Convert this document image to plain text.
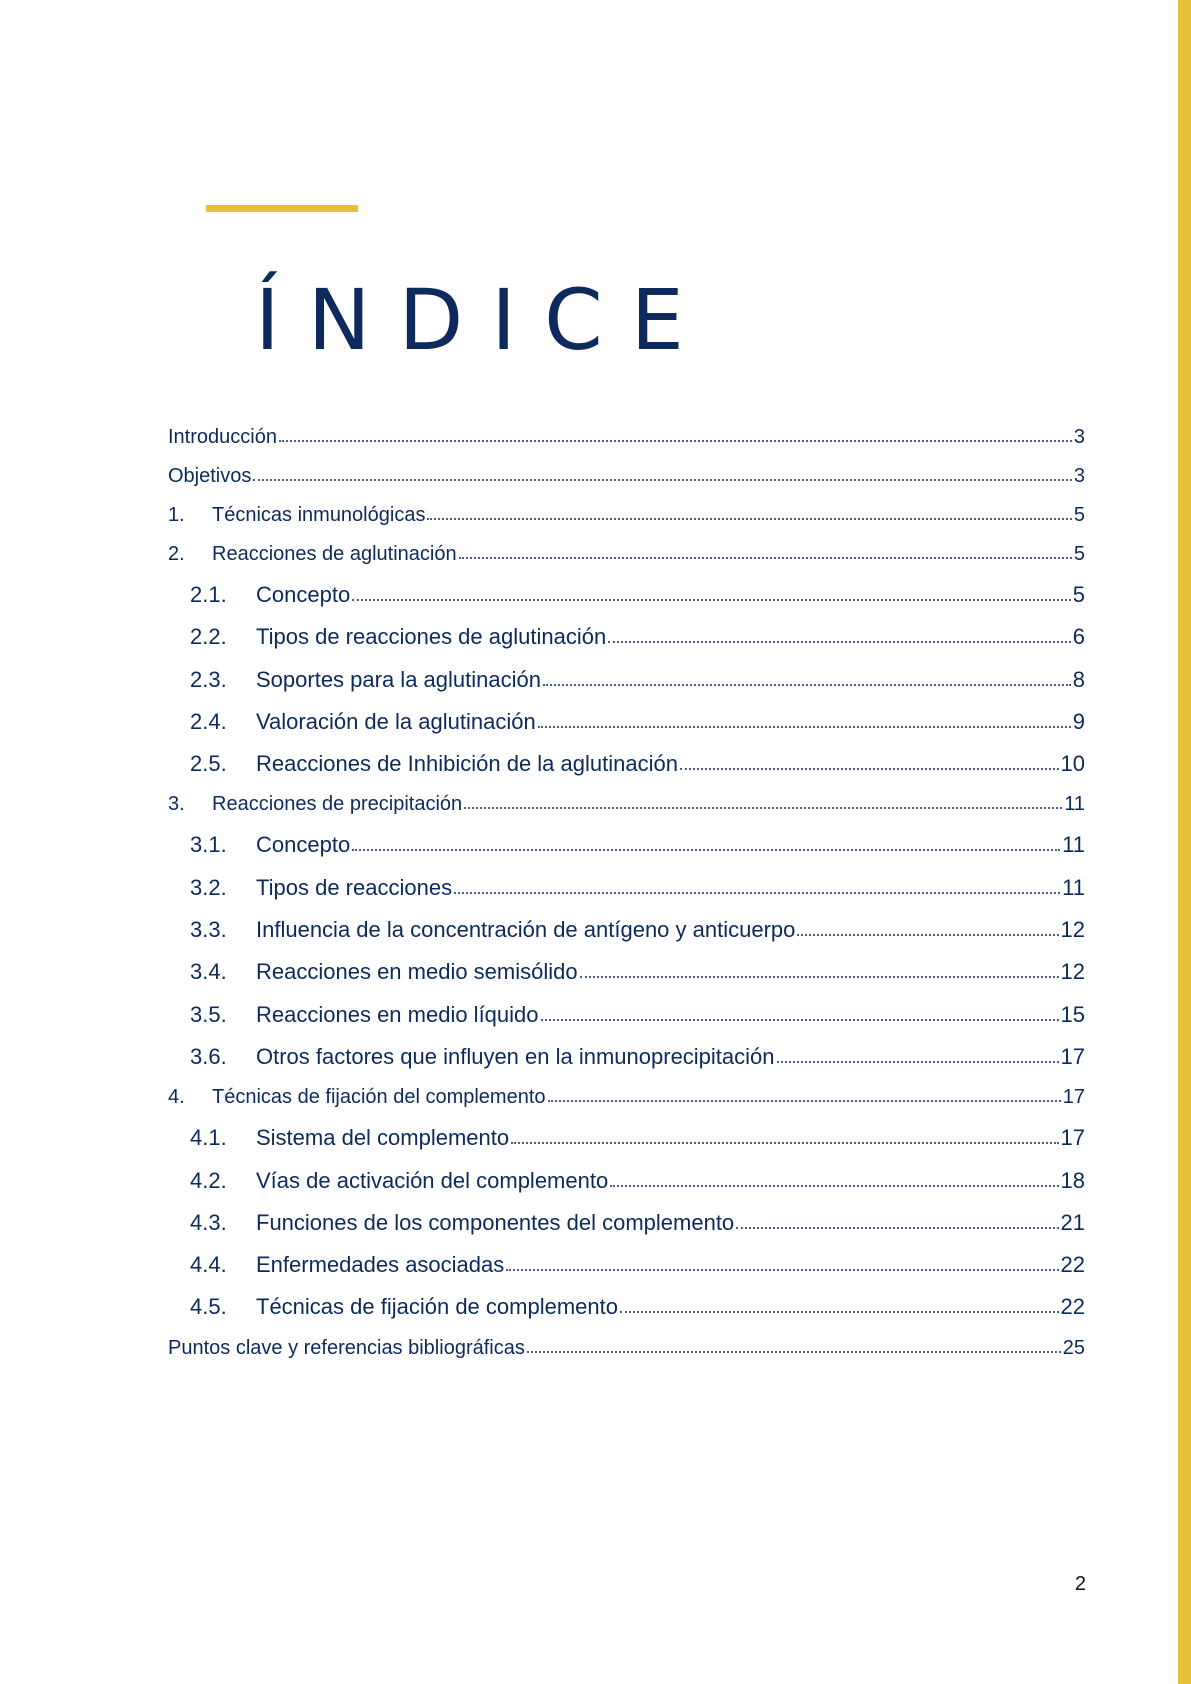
ÍNDICE
Introducción	3
Objetivos	3
1.	Técnicas inmunológicas	5
2.	Reacciones de aglutinación	5
2.1.	Concepto	5
2.2.	Tipos de reacciones de aglutinación	6
2.3.	Soportes para la aglutinación	8
2.4.	Valoración de la aglutinación	9
2.5.	Reacciones de Inhibición de la aglutinación	10
3.	Reacciones de precipitación	11
3.1.	Concepto	11
3.2.	Tipos de reacciones	11
3.3.	Influencia de la concentración de antígeno y anticuerpo	12
3.4.	Reacciones en medio semisólido	12
3.5.	Reacciones en medio líquido	15
3.6.	Otros factores que influyen en la inmunoprecipitación	17
4.	Técnicas de fijación del complemento	17
4.1.	Sistema del complemento	17
4.2.	Vías de activación del complemento	18
4.3.	Funciones de los componentes del complemento	21
4.4.	Enfermedades asociadas	22
4.5.	Técnicas de fijación de complemento	22
Puntos clave y referencias bibliográficas	25
2
